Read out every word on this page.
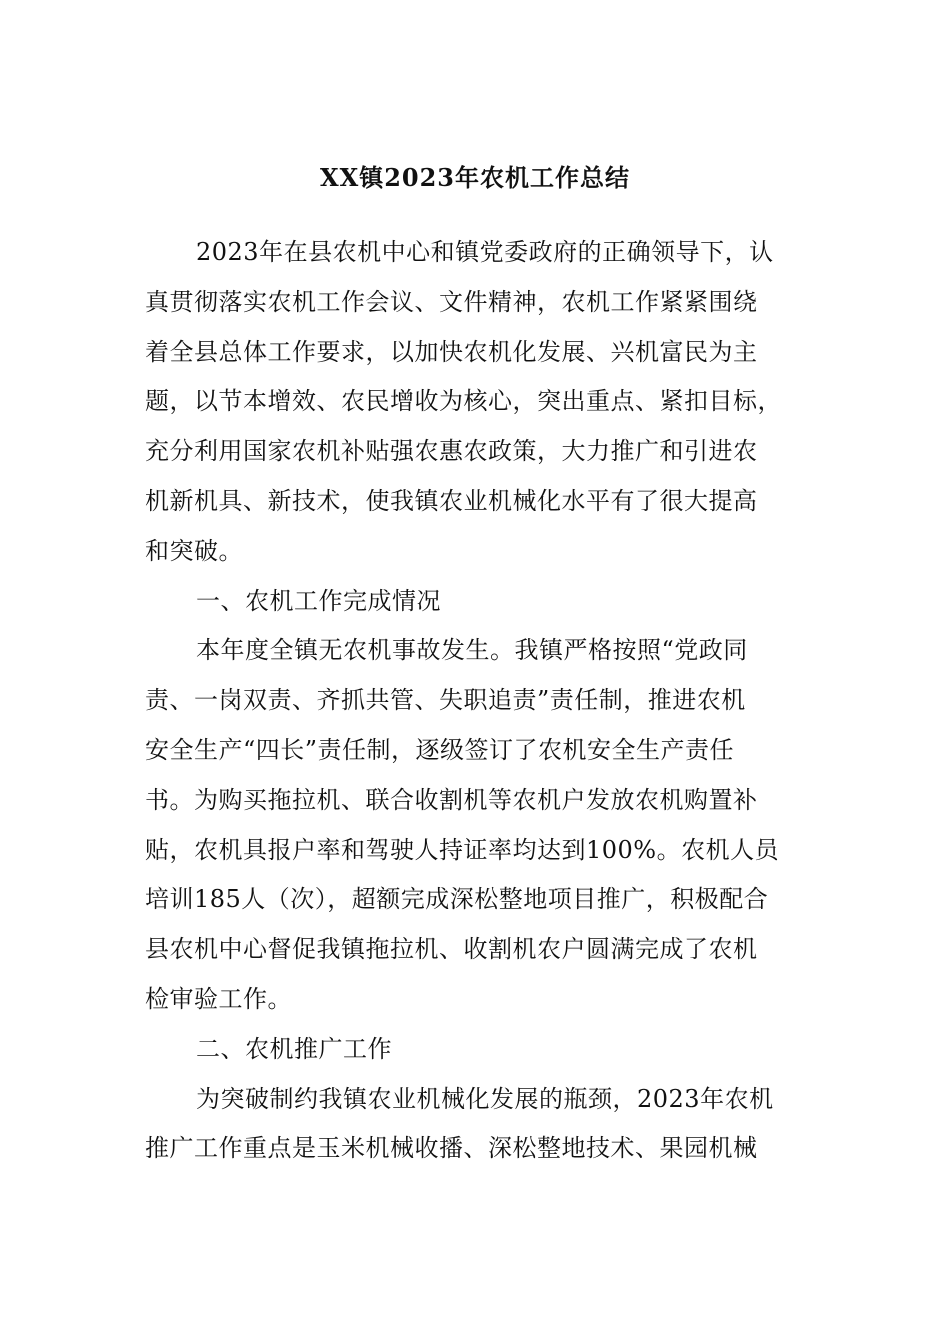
XX镇2023年农机工作总结
2023年在县农机中心和镇党委政府的正确领导下，认
真贯彻落实农机工作会议、文件精神，农机工作紧紧围绕
着全县总体工作要求，以加快农机化发展、兴机富民为主
题，以节本增效、农民增收为核心，突出重点、紧扣目标，
充分利用国家农机补贴强农惠农政策，大力推广和引进农
机新机具、新技术，使我镇农业机械化水平有了很大提高
和突破。
一、农机工作完成情况
本年度全镇无农机事故发生。我镇严格按照“党政同
责、一岗双责、齐抓共管、失职追责”责任制，推进农机
安全生产“四长”责任制，逐级签订了农机安全生产责任
书。为购买拖拉机、联合收割机等农机户发放农机购置补
贴，农机具报户率和驾驶人持证率均达到100%。农机人员
培训185人（次），超额完成深松整地项目推广，积极配合
县农机中心督促我镇拖拉机、收割机农户圆满完成了农机
检审验工作。
二、农机推广工作
为突破制约我镇农业机械化发展的瓶颈，2023年农机
推广工作重点是玉米机械收播、深松整地技术、果园机械
